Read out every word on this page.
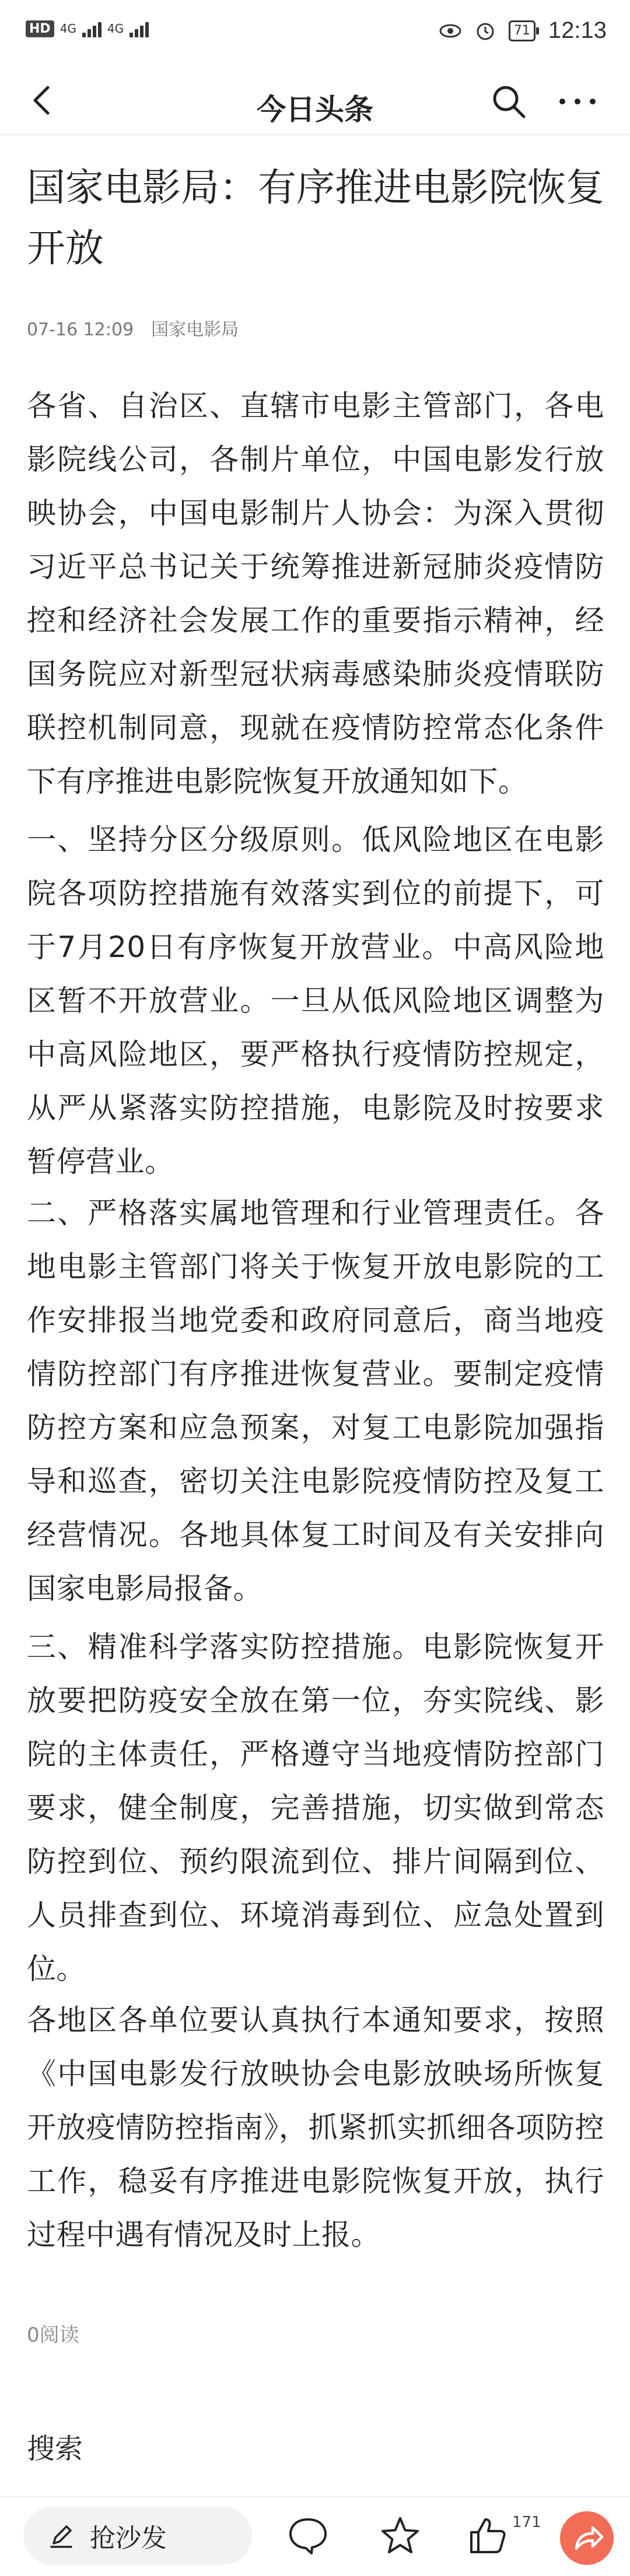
HD 4G	4G	71 12:13
今日头条
国家电影局：有序推进电影院恢复开放
07-16 12:09 国家电影局

各省、自治区、直辖市电影主管部门，各电影院线公司，各制片单位，中国电影发行放映协会，中国电影制片人协会：为深入贯彻习近平总书记关于统筹推进新冠肺炎疫情防控和经济社会发展工作的重要指示精神，经国务院应对新型冠状病毒感染肺炎疫情联防联控机制同意，现就在疫情防控常态化条件下有序推进电影院恢复开放通知如下。

一、坚持分区分级原则。低风险地区在电影院各项防控措施有效落实到位的前提下，可于7月20日有序恢复开放营业。中高风险地区暂不开放营业。一旦从低风险地区调整为中高风险地区，要严格执行疫情防控规定，从严从紧落实防控措施，电影院及时按要求暂停营业。

二、严格落实属地管理和行业管理责任。各地电影主管部门将关于恢复开放电影院的工作安排报当地党委和政府同意后，商当地疫情防控部门有序推进恢复营业。要制定疫情防控方案和应急预案，对复工电影院加强指导和巡查，密切关注电影院疫情防控及复工经营情况。各地具体复工时间及有关安排向国家电影局报备。

三、精准科学落实防控措施。电影院恢复开放要把防疫安全放在第一位，夯实院线、影院的主体责任，严格遵守当地疫情防控部门要求，健全制度，完善措施，切实做到常态防控到位、预约限流到位、排片间隔到位、人员排查到位、环境消毒到位、应急处置到位。

各地区各单位要认真执行本通知要求，按照《中国电影发行放映协会电影放映场所恢复开放疫情防控指南》，抓紧抓实抓细各项防控工作，稳妥有序推进电影院恢复开放，执行过程中遇有情况及时上报。

0阅读
搜索
抢沙发
171
